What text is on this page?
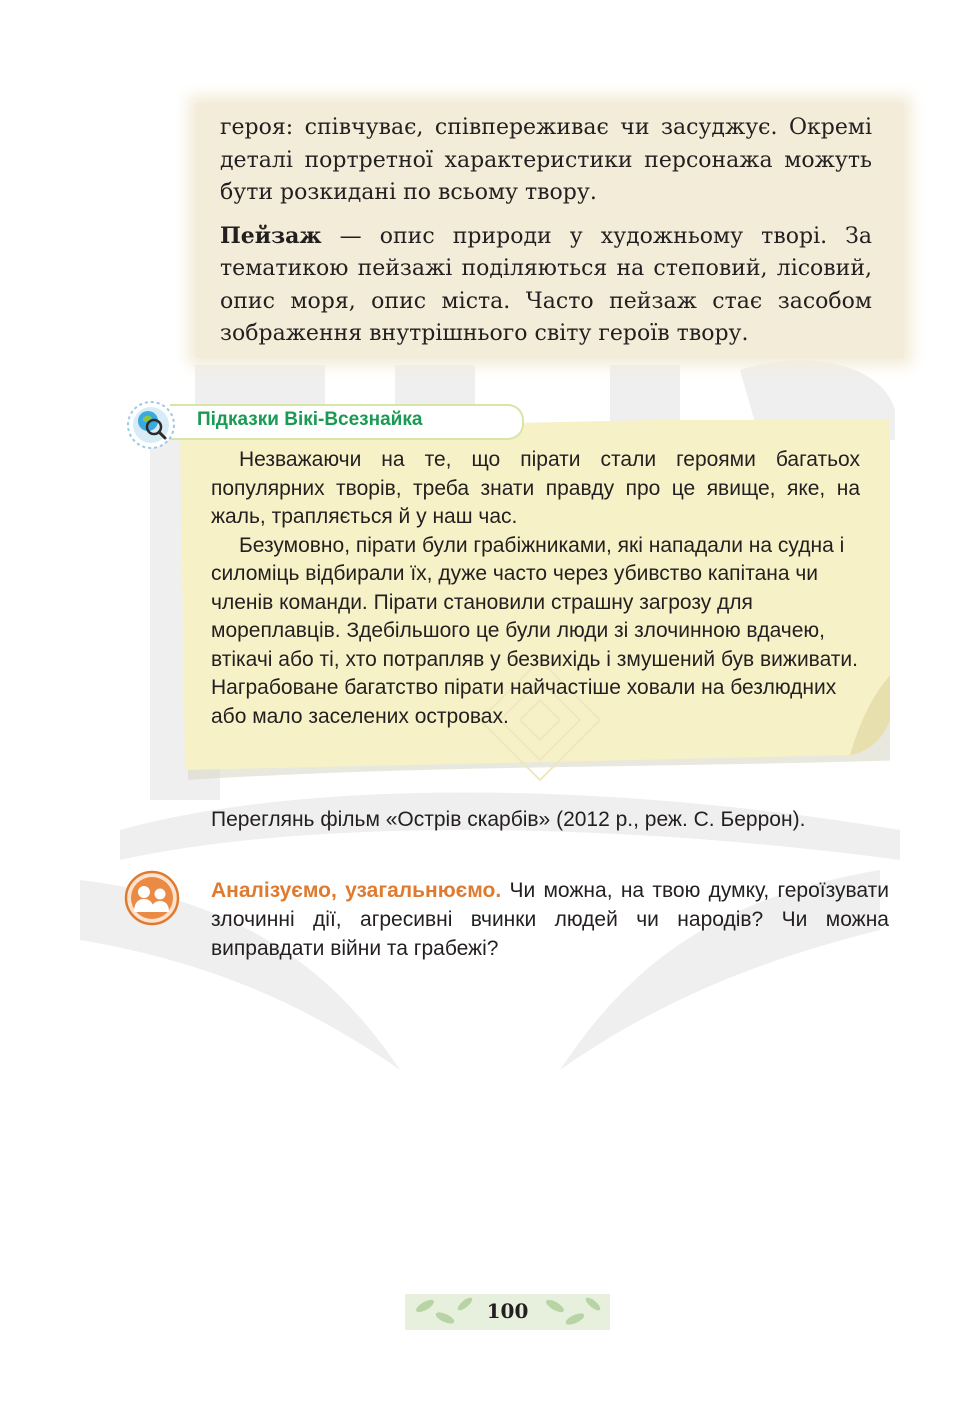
героя: співчуває, співпереживає чи засуджує. Окремі деталі портретної характеристики персонажа можуть бути розкидані по всьому твору.

Пейзаж — опис природи у художньому творі. За тематикою пейзажі поділяються на степовий, лісовий, опис моря, опис міста. Часто пейзаж стає засобом зображення внутрішнього світу героїв твору.

Підказки Вікі-Всезнайка

Незважаючи на те, що пірати стали героями багатьох популярних творів, треба знати правду про це явище, яке, на жаль, трапляється й у наш час.

Безумовно, пірати були грабіжниками, які нападали на судна і силоміць відбирали їх, дуже часто через убивство капітана чи членів команди. Пірати становили страшну загрозу для мореплавців. Здебільшого це були люди зі злочинною вдачею, втікачі або ті, хто потрапляв у безвихідь і змушений був виживати. Награбоване багатство пірати найчастіше ховали на безлюдних або мало заселених островах.

Переглянь фільм «Острів скарбів» (2012 р., реж. С. Беррон).
Аналізуємо, узагальнюємо. Чи можна, на твою думку, героїзувати злочинні дії, агресивні вчинки людей чи народів? Чи можна виправдати війни та грабежі?
100
